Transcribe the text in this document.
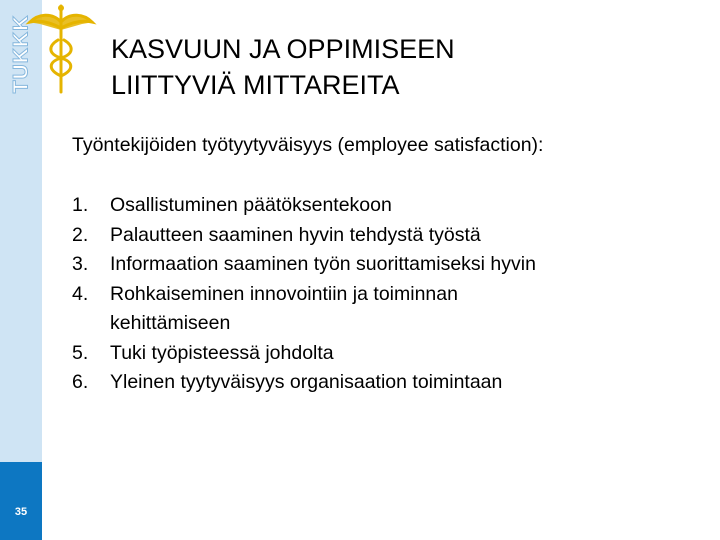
TUKKK	KASVUUN JA OPPIMISEEN
LIITTYVIÄ MITTAREITA
Työntekijöiden työtyytyväisyys (employee satisfaction):
1.	Osallistuminen päätöksentekoon
2.	Palautteen saaminen hyvin tehdystä työstä
3.	Informaation saaminen työn suorittamiseksi hyvin
4.	Rohkaiseminen innovointiin ja toiminnan
kehittämiseen
5.	Tuki työpisteessä johdolta
6.	Yleinen tyytyväisyys organisaation toimintaan
35
